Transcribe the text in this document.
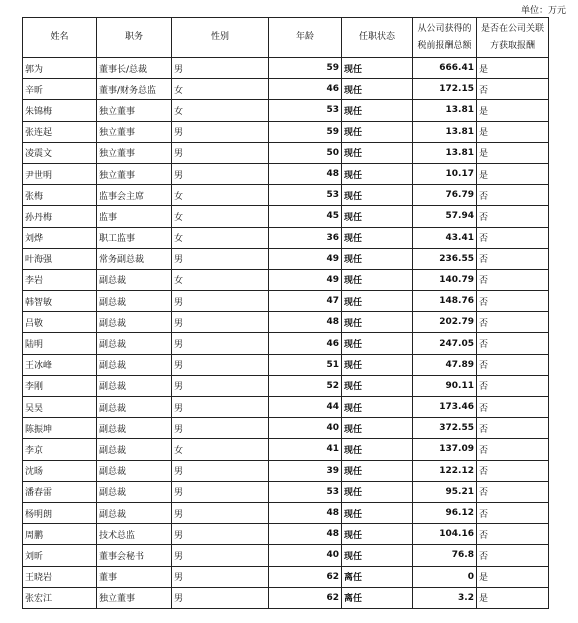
单位：万元
姓名	职务	性别	年龄	任职状态	从公司获得的税前报酬总额	是否在公司关联方获取报酬
郭为	董事长/总裁	男	59	现任	666.41	是
辛昕	董事/财务总监	女	46	现任	172.15	否
朱锦梅	独立董事	女	53	现任	13.81	是
张连起	独立董事	男	59	现任	13.81	是
凌震文	独立董事	男	50	现任	13.81	是
尹世明	独立董事	男	48	现任	10.17	是
张梅	监事会主席	女	53	现任	76.79	否
孙丹梅	监事	女	45	现任	57.94	否
刘烨	职工监事	女	36	现任	43.41	否
叶海强	常务副总裁	男	49	现任	236.55	否
李岩	副总裁	女	49	现任	140.79	否
韩智敏	副总裁	男	47	现任	148.76	否
吕敬	副总裁	男	48	现任	202.79	否
陆明	副总裁	男	46	现任	247.05	否
王冰峰	副总裁	男	51	现任	47.89	否
李刚	副总裁	男	52	现任	90.11	否
吴昊	副总裁	男	44	现任	173.46	否
陈振坤	副总裁	男	40	现任	372.55	否
李京	副总裁	女	41	现任	137.09	否
沈旸	副总裁	男	39	现任	122.12	否
潘春雷	副总裁	男	53	现任	95.21	否
杨明朗	副总裁	男	48	现任	96.12	否
周鹏	技术总监	男	48	现任	104.16	否
刘昕	董事会秘书	男	40	现任	76.8	否
王晓岩	董事	男	62	离任	0	是
张宏江	独立董事	男	62	离任	3.2	是
